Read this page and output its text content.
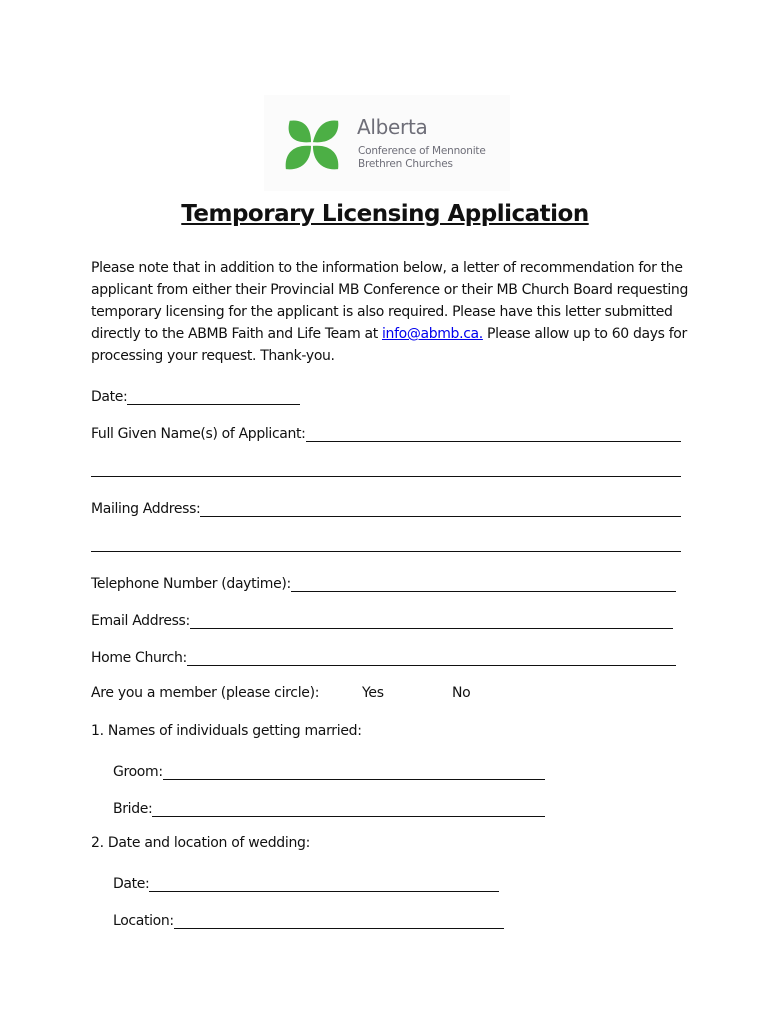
Alberta
Conference of Mennonite
Brethren Churches
Temporary Licensing Application
Please note that in addition to the information below, a letter of recommendation for the applicant from either their Provincial MB Conference or their MB Church Board requesting temporary licensing for the applicant is also required. Please have this letter submitted directly to the ABMB Faith and Life Team at info@abmb.ca. Please allow up to 60 days for processing your request. Thank-you.
Date:
Full Given Name(s) of Applicant:
Mailing Address:
Telephone Number (daytime):
Email Address:
Home Church:
Are you a member (please circle):	Yes	No
1. Names of individuals getting married:
Groom:
Bride:
2. Date and location of wedding:
Date:
Location:
